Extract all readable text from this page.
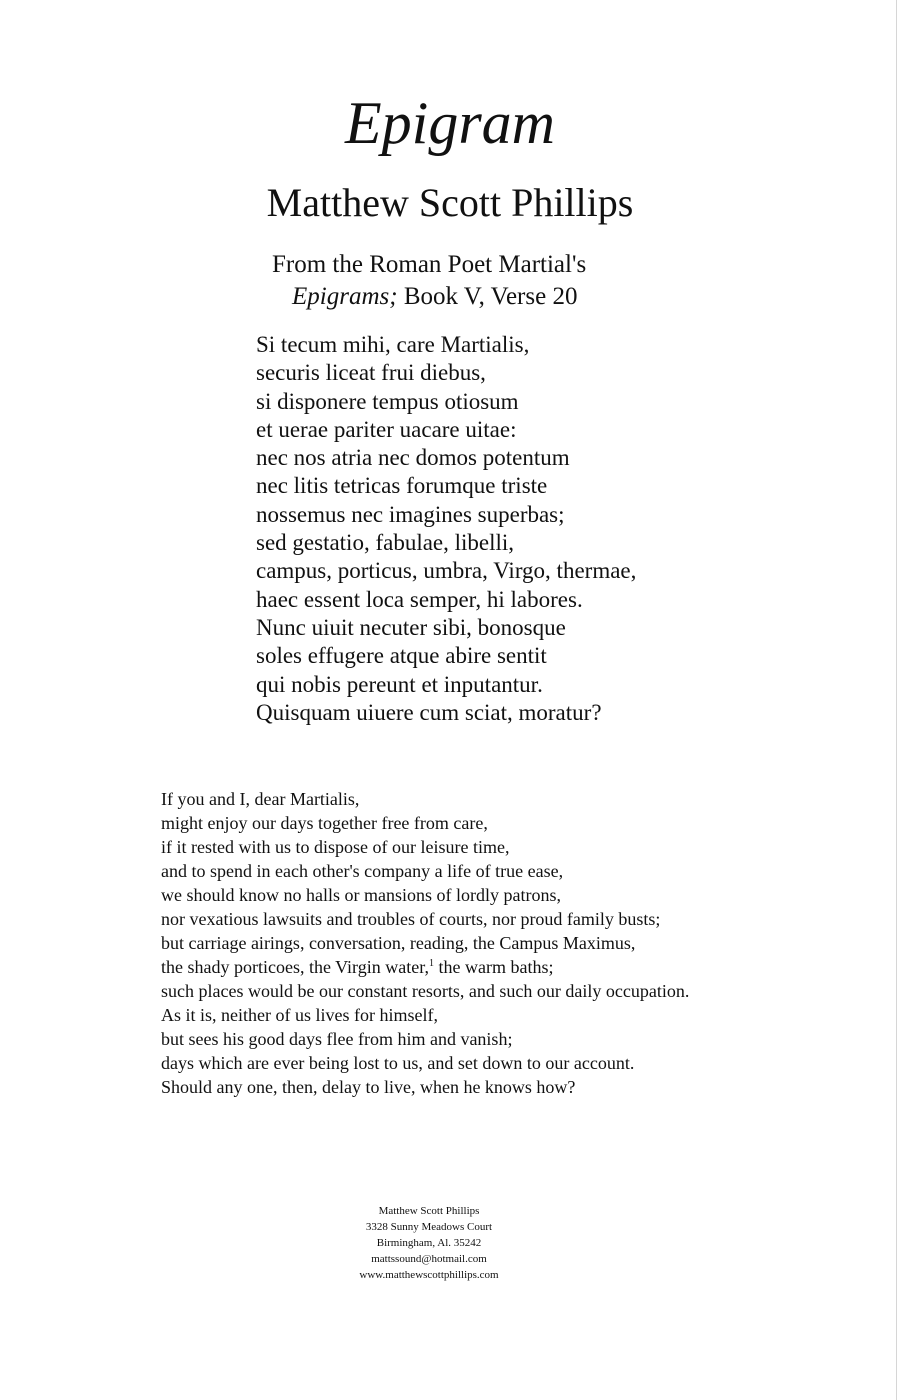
Epigram
Matthew Scott Phillips
From the Roman Poet Martial's
Epigrams; Book V, Verse 20
Si tecum mihi, care Martialis,
securis liceat frui diebus,
si disponere tempus otiosum
et uerae pariter uacare uitae:
nec nos atria nec domos potentum
nec litis tetricas forumque triste
nossemus nec imagines superbas;
sed gestatio, fabulae, libelli,
campus, porticus, umbra, Virgo, thermae,
haec essent loca semper, hi labores.
Nunc uiuit necuter sibi, bonosque
soles effugere atque abire sentit
qui nobis pereunt et inputantur.
Quisquam uiuere cum sciat, moratur?
If you and I, dear Martialis,
might enjoy our days together free from care,
if it rested with us to dispose of our leisure time,
and to spend in each other's company a life of true ease,
we should know no halls or mansions of lordly patrons,
nor vexatious lawsuits and troubles of courts, nor proud family busts;
but carriage airings, conversation, reading, the Campus Maximus,
the shady porticoes, the Virgin water,$^1$ the warm baths;
such places would be our constant resorts, and such our daily occupation.
As it is, neither of us lives for himself,
but sees his good days flee from him and vanish;
days which are ever being lost to us, and set down to our account.
Should any one, then, delay to live, when he knows how?
Matthew Scott Phillips
3328 Sunny Meadows Court
Birmingham, Al. 35242
mattssound@hotmail.com
www.matthewscottphillips.com
